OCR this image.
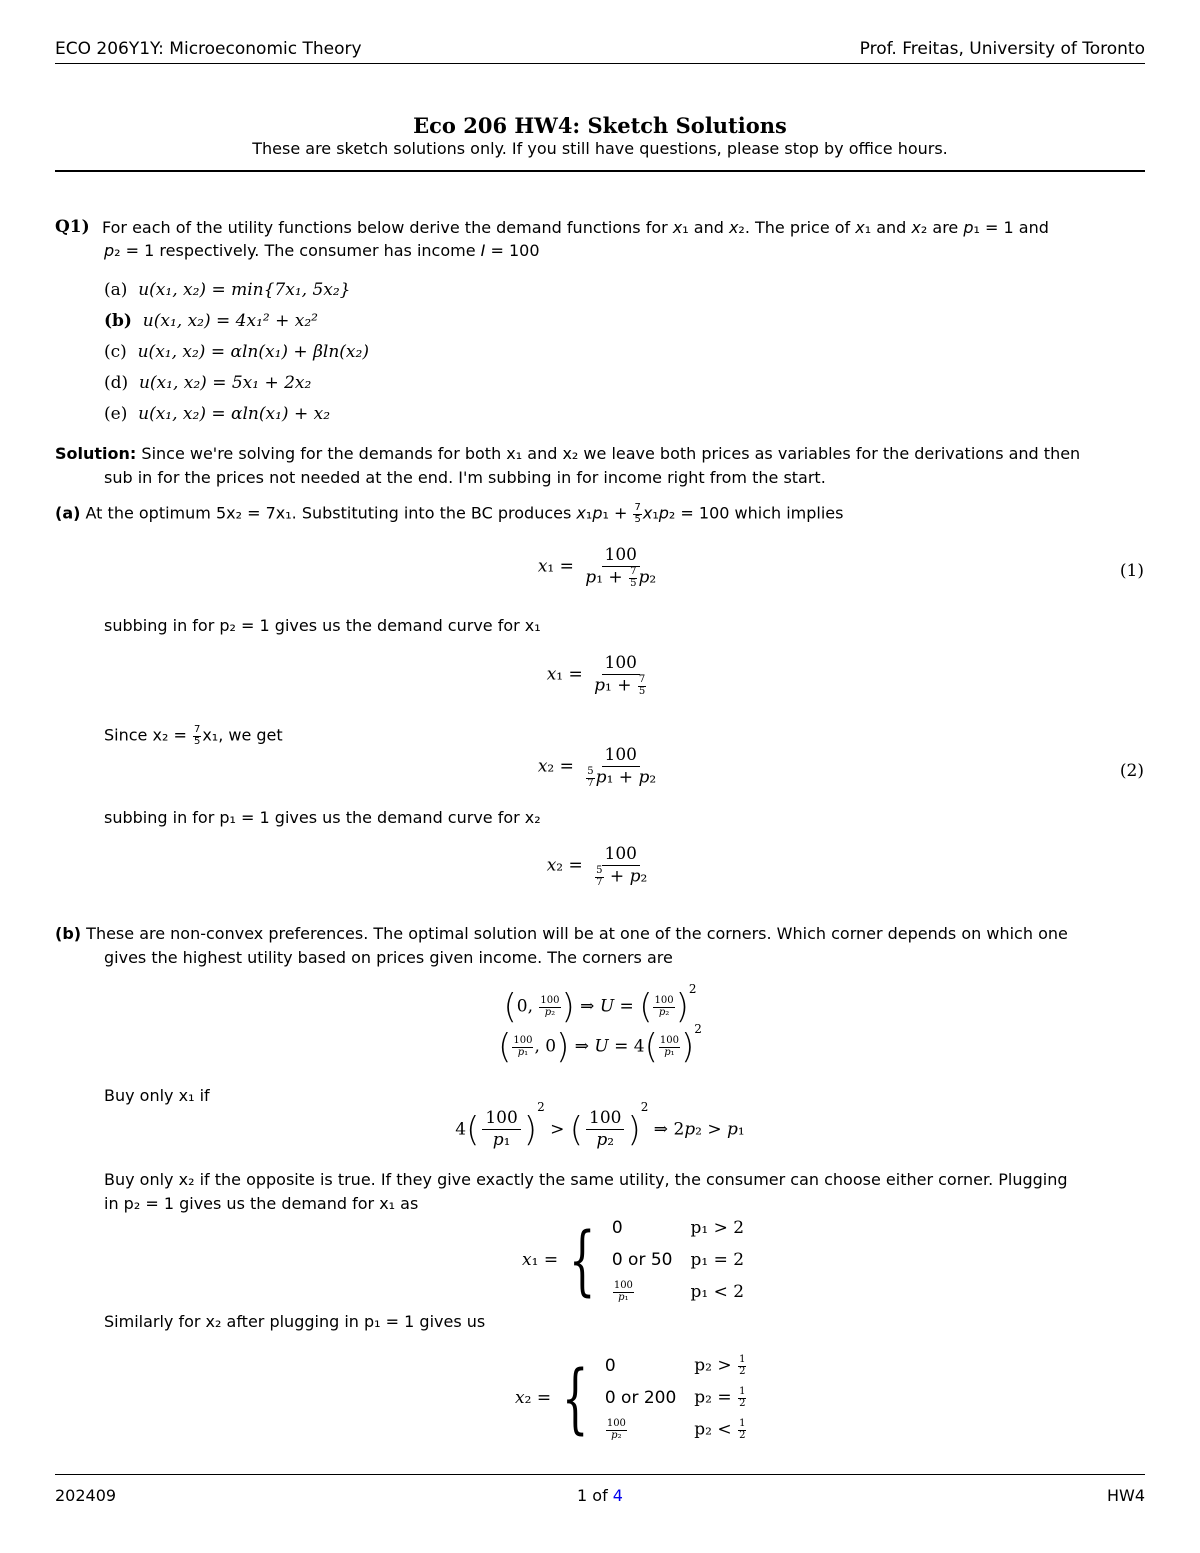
ECO 206Y1Y: Microeconomic Theory	Prof. Freitas, University of Toronto
Eco 206 HW4: Sketch Solutions
These are sketch solutions only. If you still have questions, please stop by office hours.
Q1) For each of the utility functions below derive the demand functions for x₁ and x₂. The price of x₁ and x₂ are p₁ = 1 and
p₂ = 1 respectively. The consumer has income I = 100
(a) u(x₁, x₂) = min{7x₁, 5x₂}
(b) u(x₁, x₂) = 4x₁² + x₂²
(c) u(x₁, x₂) = αln(x₁) + βln(x₂)
(d) u(x₁, x₂) = 5x₁ + 2x₂
(e) u(x₁, x₂) = αln(x₁) + x₂
Solution: Since we're solving for the demands for both x₁ and x₂ we leave both prices as variables for the derivations and then
sub in for the prices not needed at the end. I'm subbing in for income right from the start.
(a) At the optimum 5x₂ = 7x₁. Substituting into the BC produces $x_1p_1 + \frac{7}{5} x_1p_2 = 100$ which implies
$x_1 = \frac{100}{p_1 + \frac{7}{5} p_2}$	(1)
subbing in for p₂ = 1 gives us the demand curve for x₁
$x_1 = \frac{100}{p_1 + \frac{7}{5}}$
Since $x_2 = \frac{7}{5} x_1$, we get
$x_2 = \frac{100}{\frac{5}{7} p_1 + p_2}$	(2)
subbing in for p₁ = 1 gives us the demand curve for x₂
$x_2 = \frac{100}{\frac{5}{7} + p_2}$
(b) These are non-convex preferences. The optimal solution will be at one of the corners. Which corner depends on which one
gives the highest utility based on prices given income. The corners are
(0, $\frac{100}{\text{p₂}}$ ) ⇒ U = ( $\frac{100}{\text{p₂}} )^2$
( $\frac{100}{\text{p₁}}$ , 0) ⇒ $U = 4( \frac{100}{\text{p₁}} )^2$
Buy only x₁ if
$4( \frac{100}{\text{p₁}} )^2$ > ( $\frac{100}{\text{p₂}} )^2$ ⇒ 2p₂ > p₁
Buy only x₂ if the opposite is true. If they give exactly the same utility, the consumer can choose either corner. Plugging
in p₂ = 1 gives us the demand for x₁ as
x₁ = { 0	p₁ > 2
0 or 50	p₁ = 2

$\frac{100}{\text{p₁}}$	p₁ < 2
Similarly for x₂ after plugging in p₁ = 1 gives us
x₂ = { 0	$p_2 > \frac{1}{2}$

0 or 200	$p_2 = \frac{1}{2}$

$\frac{100}{\text{p₂}}$	$p_2 < \frac{1}{2}$
202409	1 of 4	HW4
